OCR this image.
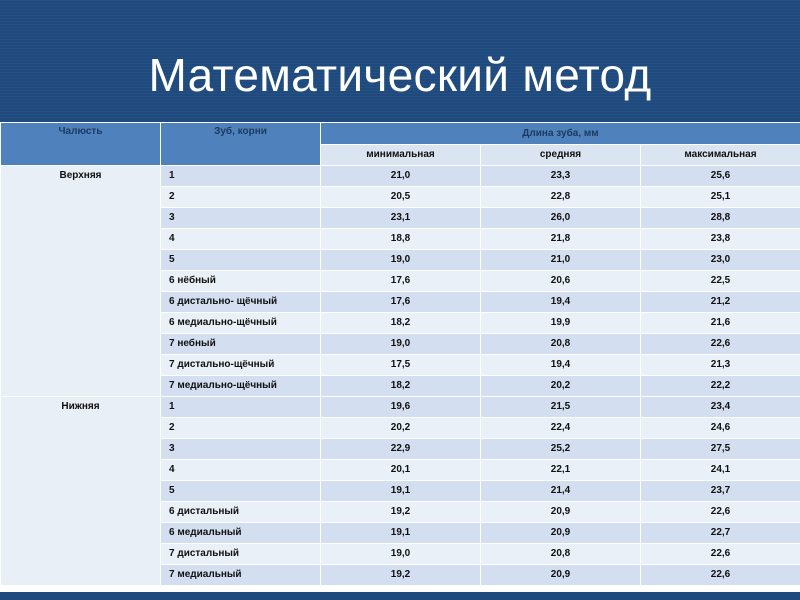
Математический метод
Чалюсть	Зуб, корни	Длина зуба, мм		
		минимальная	средняя	максимальная
Верхняя	1	21,0	23,3	25,6
	2	20,5	22,8	25,1
	3	23,1	26,0	28,8
	4	18,8	21,8	23,8
	5	19,0	21,0	23,0
	6 нёбный	17,6	20,6	22,5
	6 дистально- щёчный	17,6	19,4	21,2
	6 медиально-щёчный	18,2	19,9	21,6
	7 небный	19,0	20,8	22,6
	7 дистально-щёчный	17,5	19,4	21,3
	7 медиально-щёчный	18,2	20,2	22,2
Нижняя	1	19,6	21,5	23,4
	2	20,2	22,4	24,6
	3	22,9	25,2	27,5
	4	20,1	22,1	24,1
	5	19,1	21,4	23,7
	6 дистальный	19,2	20,9	22,6
	6 медиальный	19,1	20,9	22,7
	7 дистальный	19,0	20,8	22,6
	7 медиальный	19,2	20,9	22,6
